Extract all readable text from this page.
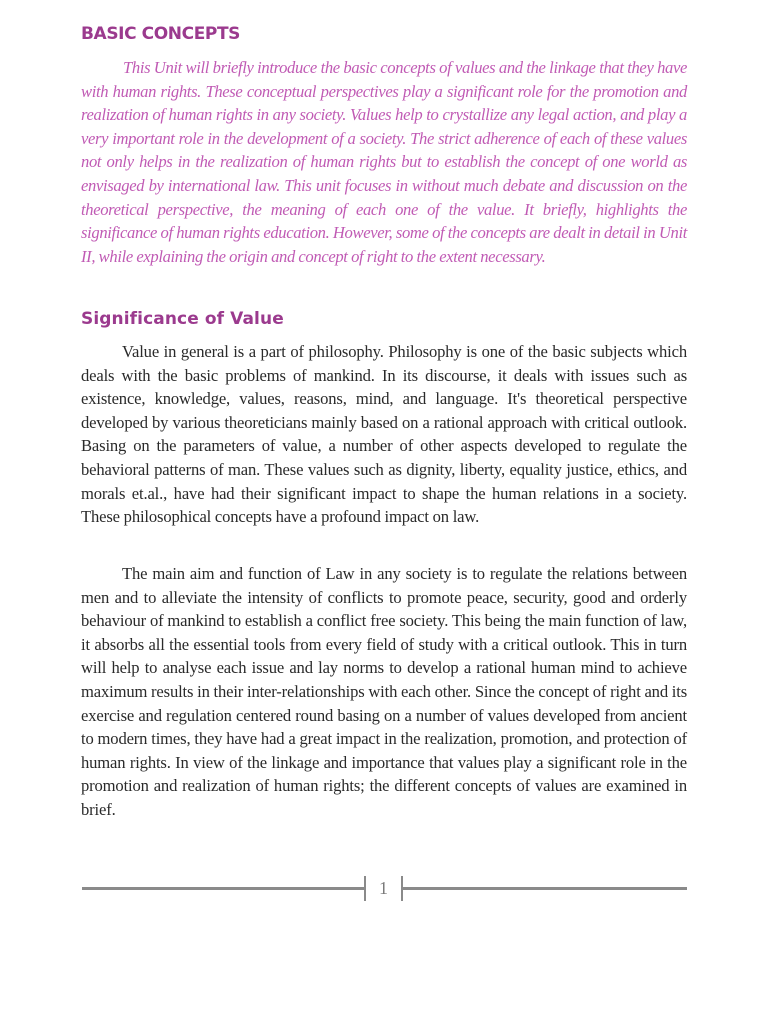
BASIC CONCEPTS

This Unit will briefly introduce the basic concepts of values and the linkage that they have with human rights. These conceptual perspectives play a significant role for the promotion and realization of human rights in any society. Values help to crystallize any legal action, and play a very important role in the development of a society. The strict adherence of each of these values not only helps in the realization of human rights but to establish the concept of one world as envisaged by international law. This unit focuses in without much debate and discussion on the theoretical perspective, the meaning of each one of the value. It briefly, highlights the significance of human rights education. However, some of the concepts are dealt in detail in Unit II, while explaining the origin and concept of right to the extent necessary.

Significance of Value

Value in general is a part of philosophy. Philosophy is one of the basic subjects which deals with the basic problems of mankind. In its discourse, it deals with issues such as existence, knowledge, values, reasons, mind, and language. It's theoretical perspective developed by various theoreticians mainly based on a rational approach with critical outlook. Basing on the parameters of value, a number of other aspects developed to regulate the behavioral patterns of man. These values such as dignity, liberty, equality justice, ethics, and morals et.al., have had their significant impact to shape the human relations in a society. These philosophical concepts have a profound impact on law.

The main aim and function of Law in any society is to regulate the relations between men and to alleviate the intensity of conflicts to promote peace, security, good and orderly behaviour of mankind to establish a conflict free society. This being the main function of law, it absorbs all the essential tools from every field of study with a critical outlook. This in turn will help to analyse each issue and lay norms to develop a rational human mind to achieve maximum results in their inter-relationships with each other. Since the concept of right and its exercise and regulation centered round basing on a number of values developed from ancient to modern times, they have had a great impact in the realization, promotion, and protection of human rights. In view of the linkage and importance that values play a significant role in the promotion and realization of human rights; the different concepts of values are examined in brief.

1
